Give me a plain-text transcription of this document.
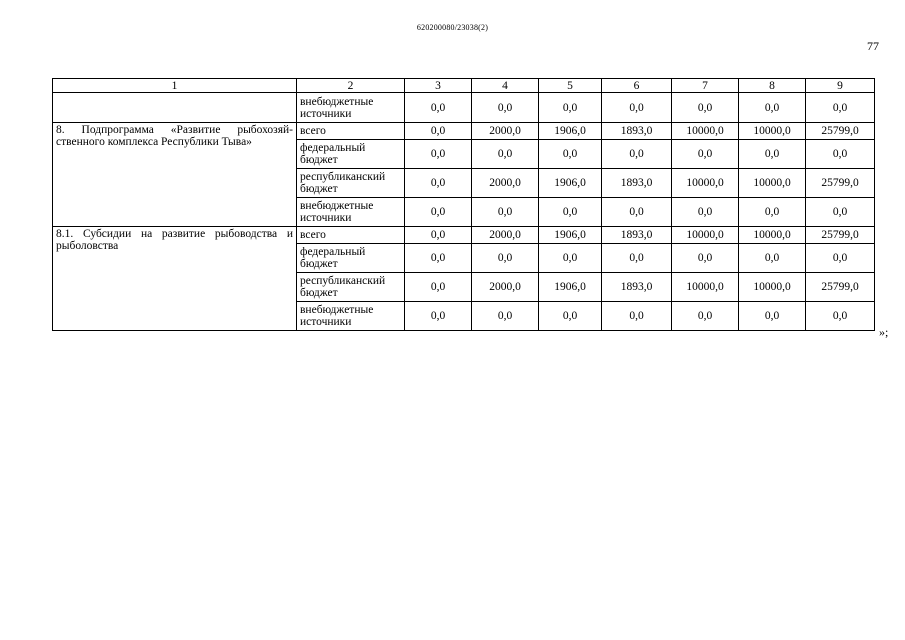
620200080/23038(2)
77
1	2	3	4	5	6	7	8	9
	внебюджетные источники	0,0	0,0	0,0	0,0	0,0	0,0	0,0
8. Подпрограмма «Развитие рыбохозяй-ственного комплекса Республики Тыва»	всего	0,0	2000,0	1906,0	1893,0	10000,0	10000,0	25799,0
	федеральный бюджет	0,0	0,0	0,0	0,0	0,0	0,0	0,0
	республиканский бюджет	0,0	2000,0	1906,0	1893,0	10000,0	10000,0	25799,0
	внебюджетные источники	0,0	0,0	0,0	0,0	0,0	0,0	0,0
8.1. Субсидии на развитие рыбоводства и рыболовства	всего	0,0	2000,0	1906,0	1893,0	10000,0	10000,0	25799,0
	федеральный бюджет	0,0	0,0	0,0	0,0	0,0	0,0	0,0
	республиканский бюджет	0,0	2000,0	1906,0	1893,0	10000,0	10000,0	25799,0
	внебюджетные источники	0,0	0,0	0,0	0,0	0,0	0,0	0,0
»;
